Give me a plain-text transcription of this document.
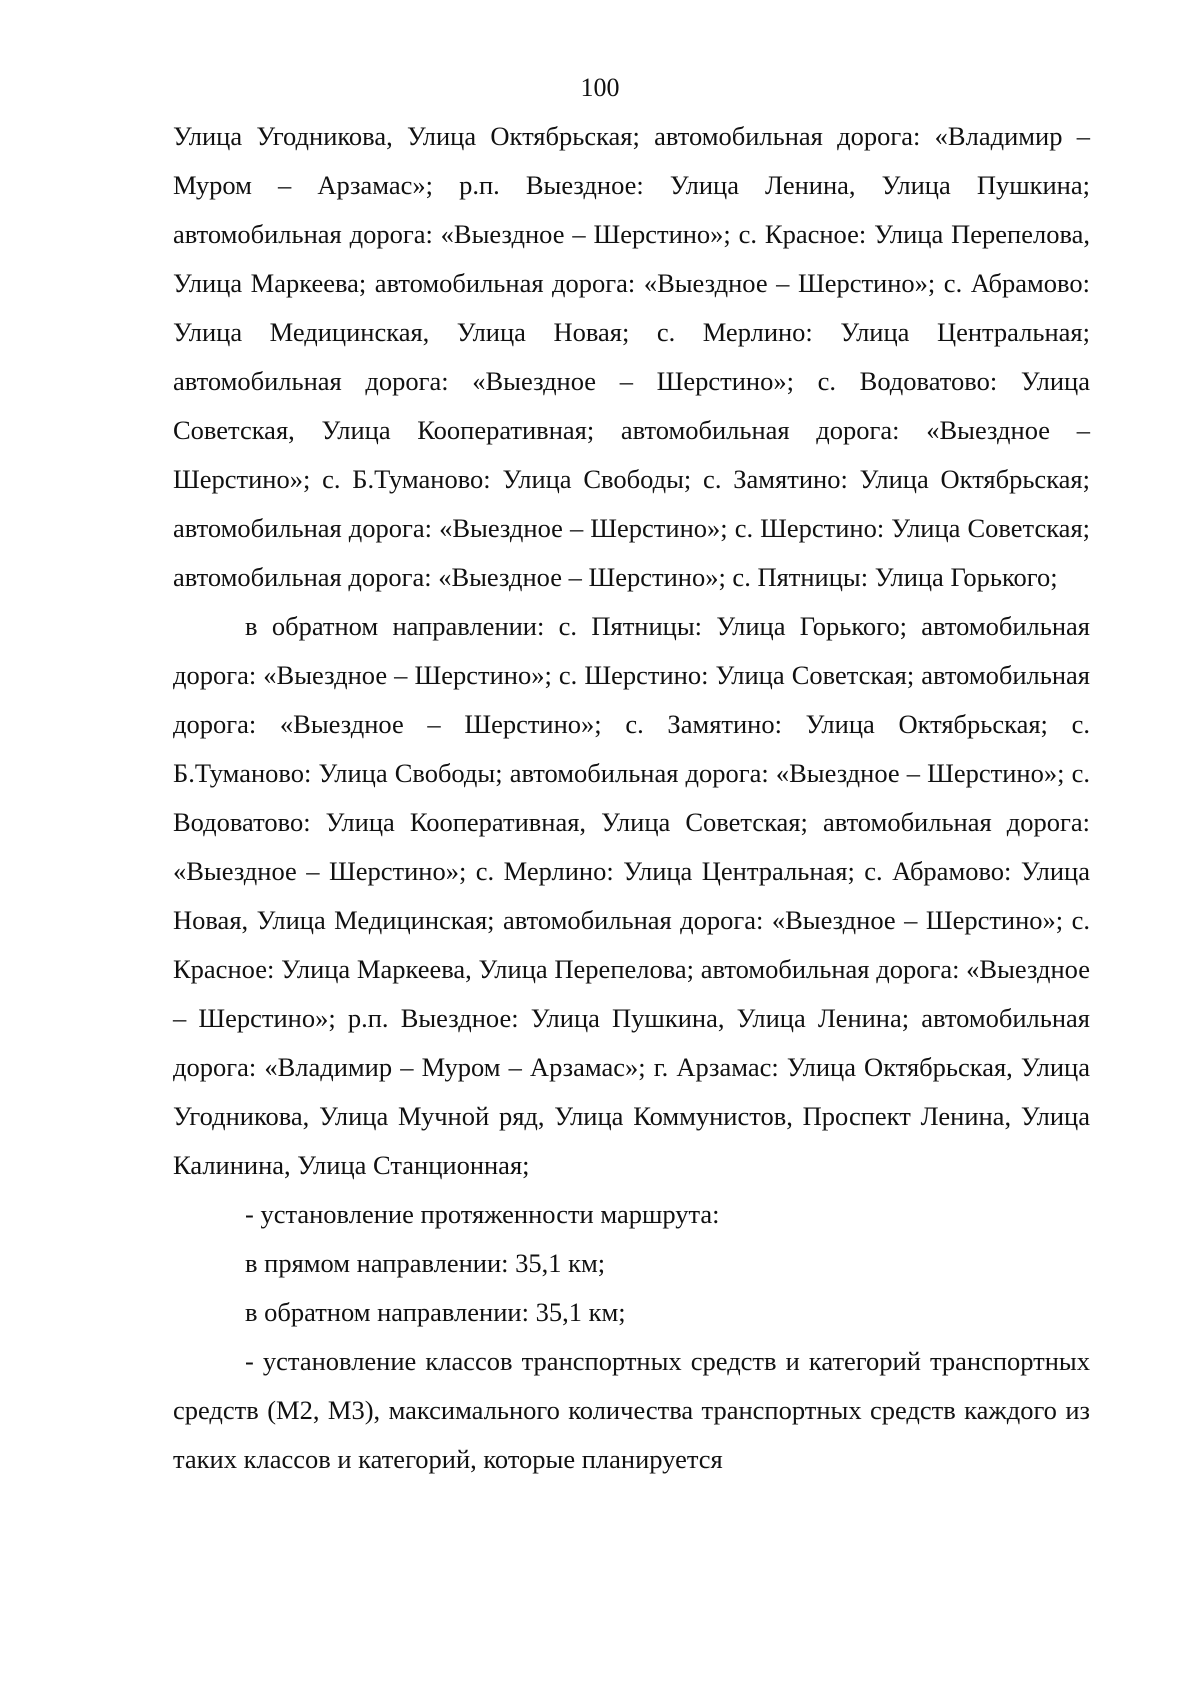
100

Улица Угодникова, Улица Октябрьская; автомобильная дорога: «Владимир – Муром – Арзамас»; р.п. Выездное: Улица Ленина, Улица Пушкина; автомобильная дорога: «Выездное – Шерстино»; с. Красное: Улица Перепелова, Улица Маркеева; автомобильная дорога: «Выездное – Шерстино»; с. Абрамово: Улица Медицинская, Улица Новая; с. Мерлино: Улица Центральная; автомобильная дорога: «Выездное – Шерстино»; с. Водоватово: Улица Советская, Улица Кооперативная; автомобильная дорога: «Выездное – Шерстино»; с. Б.Туманово: Улица Свободы; с. Замятино: Улица Октябрьская; автомобильная дорога: «Выездное – Шерстино»; с. Шерстино: Улица Советская; автомобильная дорога: «Выездное – Шерстино»; с. Пятницы: Улица Горького;

в обратном направлении: с. Пятницы: Улица Горького; автомобильная дорога: «Выездное – Шерстино»; с. Шерстино: Улица Советская; автомобильная дорога: «Выездное – Шерстино»; с. Замятино: Улица Октябрьская; с. Б.Туманово: Улица Свободы; автомобильная дорога: «Выездное – Шерстино»; с. Водоватово: Улица Кооперативная, Улица Советская; автомобильная дорога: «Выездное – Шерстино»; с. Мерлино: Улица Центральная; с. Абрамово: Улица Новая, Улица Медицинская; автомобильная дорога: «Выездное – Шерстино»; с. Красное: Улица Маркеева, Улица Перепелова; автомобильная дорога: «Выездное – Шерстино»; р.п. Выездное: Улица Пушкина, Улица Ленина; автомобильная дорога: «Владимир – Муром – Арзамас»; г. Арзамас: Улица Октябрьская, Улица Угодникова, Улица Мучной ряд, Улица Коммунистов, Проспект Ленина, Улица Калинина, Улица Станционная;

- установление протяженности маршрута:

в прямом направлении: 35,1 км;

в обратном направлении: 35,1 км;

- установление классов транспортных средств и категорий транспортных средств (М2, М3), максимального количества транспортных средств каждого из таких классов и категорий, которые планируется
